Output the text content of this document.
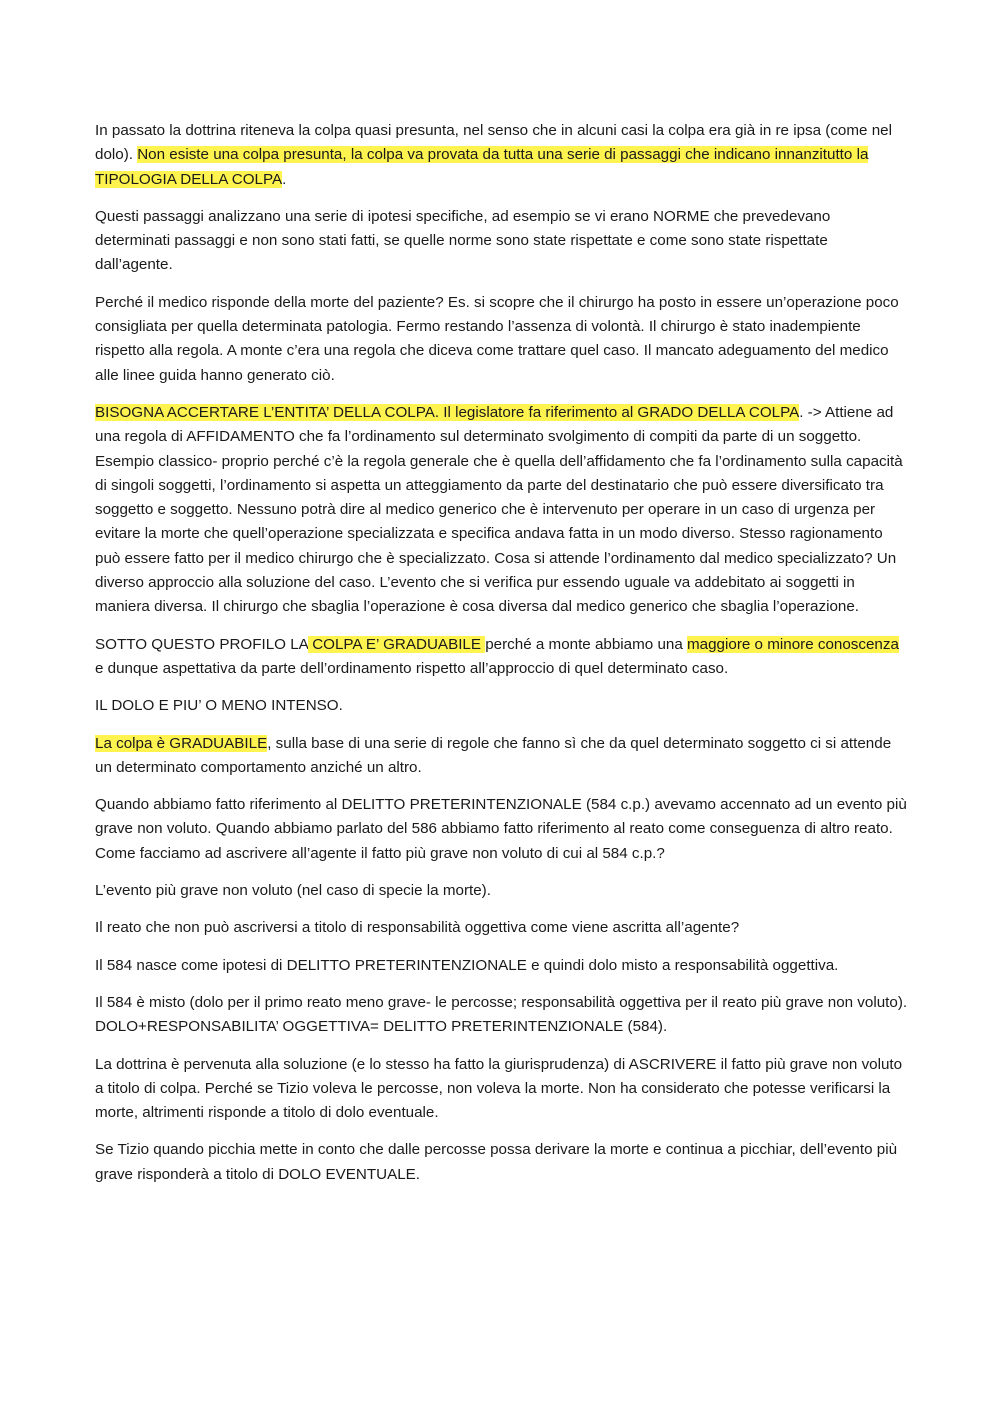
In passato la dottrina riteneva la colpa quasi presunta, nel senso che in alcuni casi la colpa era già in re ipsa (come nel dolo). Non esiste una colpa presunta, la colpa va provata da tutta una serie di passaggi che indicano innanzitutto la TIPOLOGIA DELLA COLPA.

Questi passaggi analizzano una serie di ipotesi specifiche, ad esempio se vi erano NORME che prevedevano determinati passaggi e non sono stati fatti, se quelle norme sono state rispettate e come sono state rispettate dall’agente.

Perché il medico risponde della morte del paziente? Es. si scopre che il chirurgo ha posto in essere un’operazione poco consigliata per quella determinata patologia. Fermo restando l’assenza di volontà. Il chirurgo è stato inadempiente rispetto alla regola. A monte c’era una regola che diceva come trattare quel caso. Il mancato adeguamento del medico alle linee guida hanno generato ciò.

BISOGNA ACCERTARE L’ENTITA’ DELLA COLPA. Il legislatore fa riferimento al GRADO DELLA COLPA. -> Attiene ad una regola di AFFIDAMENTO che fa l’ordinamento sul determinato svolgimento di compiti da parte di un soggetto. Esempio classico- proprio perché c’è la regola generale che è quella dell’affidamento che fa l’ordinamento sulla capacità di singoli soggetti, l’ordinamento si aspetta un atteggiamento da parte del destinatario che può essere diversificato tra soggetto e soggetto. Nessuno potrà dire al medico generico che è intervenuto per operare in un caso di urgenza per evitare la morte che quell’operazione specializzata e specifica andava fatta in un modo diverso. Stesso ragionamento può essere fatto per il medico chirurgo che è specializzato. Cosa si attende l’ordinamento dal medico specializzato? Un diverso approccio alla soluzione del caso. L’evento che si verifica pur essendo uguale va addebitato ai soggetti in maniera diversa. Il chirurgo che sbaglia l’operazione è cosa diversa dal medico generico che sbaglia l’operazione.

SOTTO QUESTO PROFILO LA COLPA E’ GRADUABILE perché a monte abbiamo una maggiore o minore conoscenza e dunque aspettativa da parte dell’ordinamento rispetto all’approccio di quel determinato caso.

IL DOLO E PIU’ O MENO INTENSO.

La colpa è GRADUABILE, sulla base di una serie di regole che fanno sì che da quel determinato soggetto ci si attende un determinato comportamento anziché un altro.

Quando abbiamo fatto riferimento al DELITTO PRETERINTENZIONALE (584 c.p.) avevamo accennato ad un evento più grave non voluto. Quando abbiamo parlato del 586 abbiamo fatto riferimento al reato come conseguenza di altro reato. Come facciamo ad ascrivere all’agente il fatto più grave non voluto di cui al 584 c.p.?

L’evento più grave non voluto (nel caso di specie la morte).

Il reato che non può ascriversi a titolo di responsabilità oggettiva come viene ascritta all’agente?

Il 584 nasce come ipotesi di DELITTO PRETERINTENZIONALE e quindi dolo misto a responsabilità oggettiva.

Il 584 è misto (dolo per il primo reato meno grave- le percosse; responsabilità oggettiva per il reato più grave non voluto). DOLO+RESPONSABILITA’ OGGETTIVA= DELITTO PRETERINTENZIONALE (584).

La dottrina è pervenuta alla soluzione (e lo stesso ha fatto la giurisprudenza) di ASCRIVERE il fatto più grave non voluto a titolo di colpa. Perché se Tizio voleva le percosse, non voleva la morte. Non ha considerato che potesse verificarsi la morte, altrimenti risponde a titolo di dolo eventuale.

Se Tizio quando picchia mette in conto che dalle percosse possa derivare la morte e continua a picchiar, dell’evento più grave risponderà a titolo di DOLO EVENTUALE.
